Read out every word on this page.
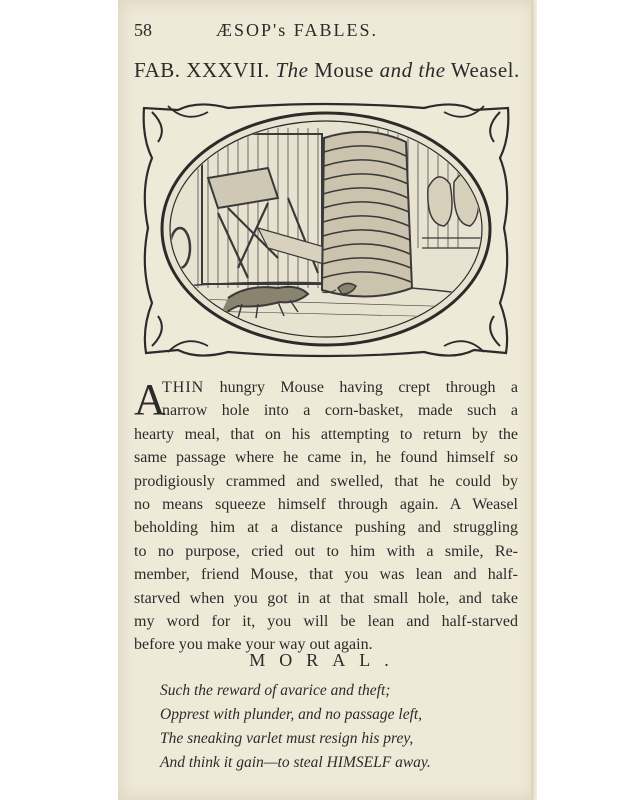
58	ÆSOP's FABLES.
FAB. XXXVII. The Mouse and the Weasel.
A
THIN hungry Mouse having crept through a
narrow hole into a corn-basket, made such a
hearty meal, that on his attempting to return by the
same passage where he came in, he found himself so
prodigiously crammed and swelled, that he could by
no means squeeze himself through again. A Weasel
beholding him at a distance pushing and struggling
to no purpose, cried out to him with a smile, Re-
member, friend Mouse, that you was lean and half-
starved when you got in at that small hole, and take
my word for it, you will be lean and half-starved
before you make your way out again.
MORAL.
Such the reward of avarice and theft;
Opprest with plunder, and no passage left,
The sneaking varlet must resign his prey,
And think it gain—to steal HIMSELF away.
